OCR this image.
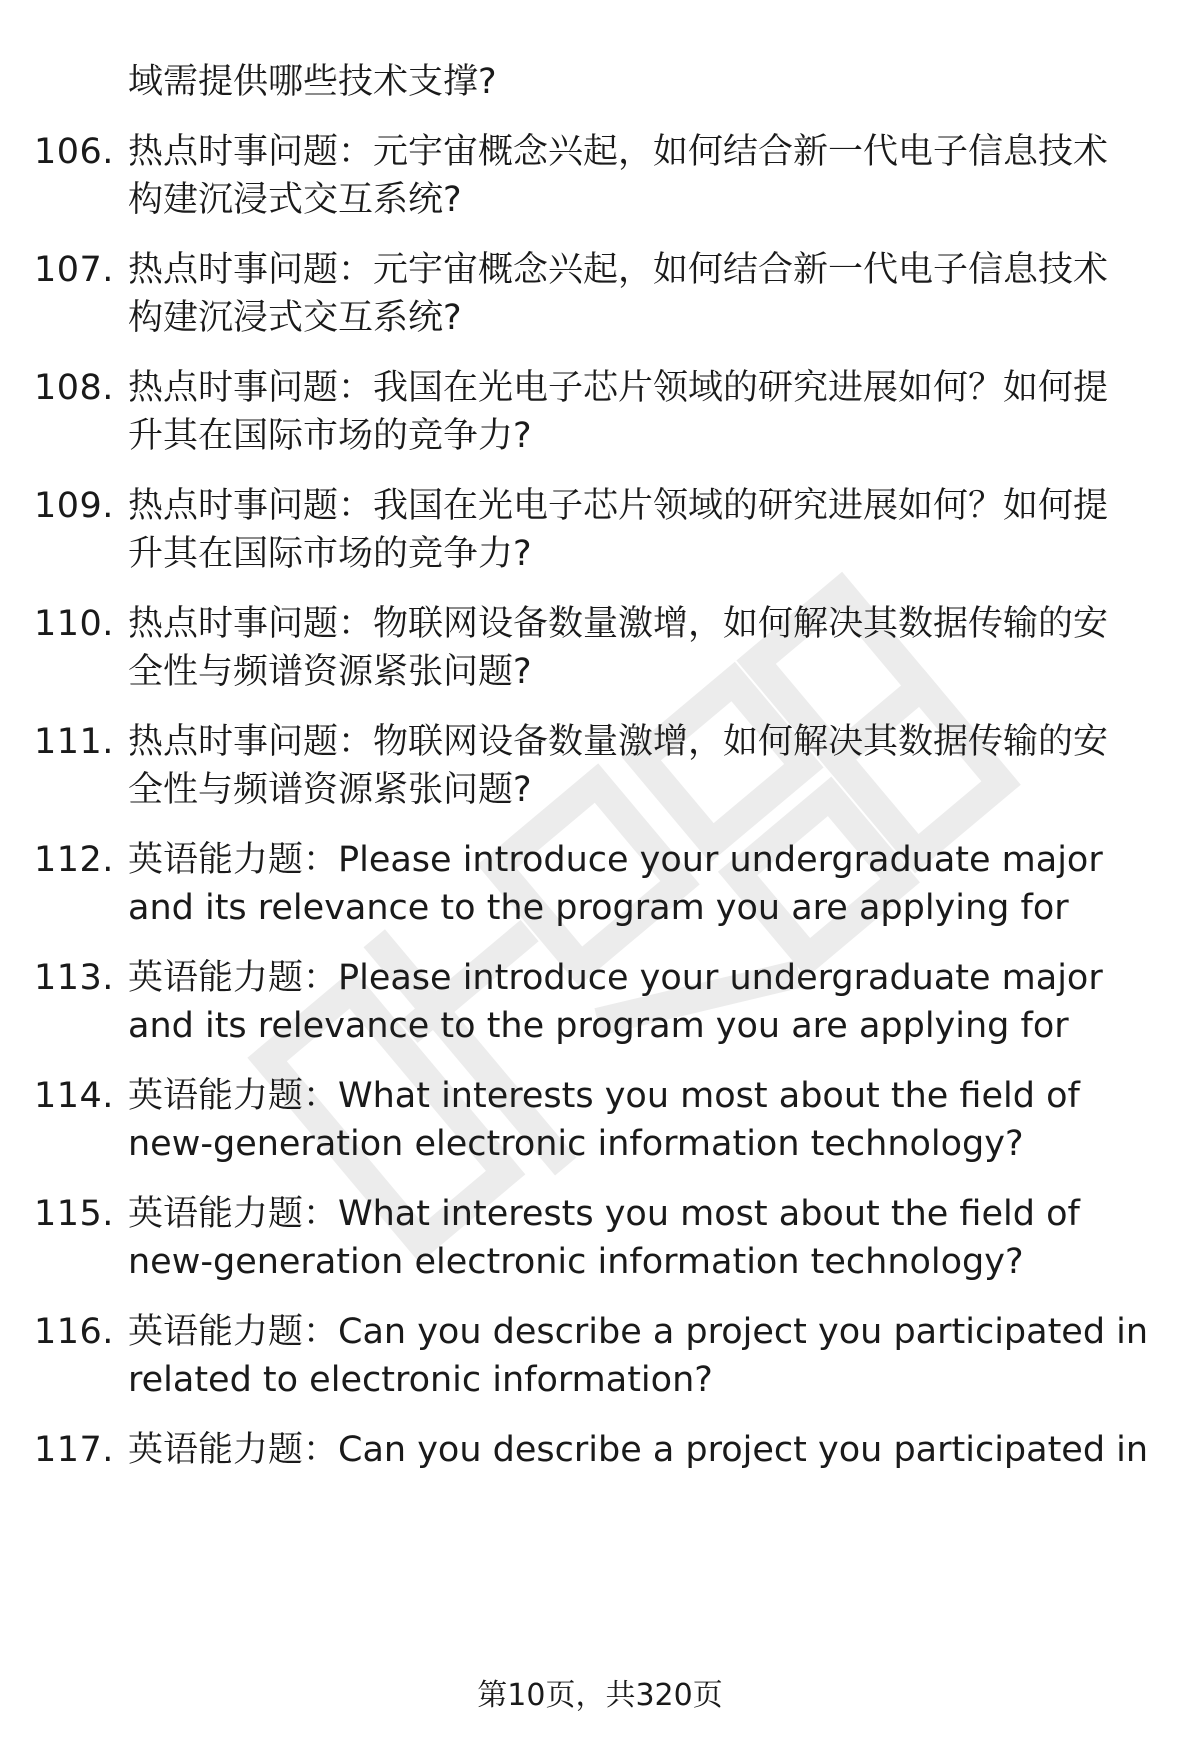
域需提供哪些技术支撑?
106. 热点时事问题：元宇宙概念兴起，如何结合新一代电子信息技术
构建沉浸式交互系统?
107. 热点时事问题：元宇宙概念兴起，如何结合新一代电子信息技术
构建沉浸式交互系统?
108. 热点时事问题：我国在光电子芯片领域的研究进展如何？如何提
升其在国际市场的竞争力?
109. 热点时事问题：我国在光电子芯片领域的研究进展如何？如何提
升其在国际市场的竞争力?
110. 热点时事问题：物联网设备数量激增，如何解决其数据传输的安
全性与频谱资源紧张问题?
111. 热点时事问题：物联网设备数量激增，如何解决其数据传输的安
全性与频谱资源紧张问题?
112. 英语能力题：Please introduce your undergraduate major
and its relevance to the program you are applying for
113. 英语能力题：Please introduce your undergraduate major
and its relevance to the program you are applying for
114. 英语能力题：What interests you most about the field of
new-generation electronic information technology?
115. 英语能力题：What interests you most about the field of
new-generation electronic information technology?
116. 英语能力题：Can you describe a project you participated in
related to electronic information?
117. 英语能力题：Can you describe a project you participated in
第10页，共320页
